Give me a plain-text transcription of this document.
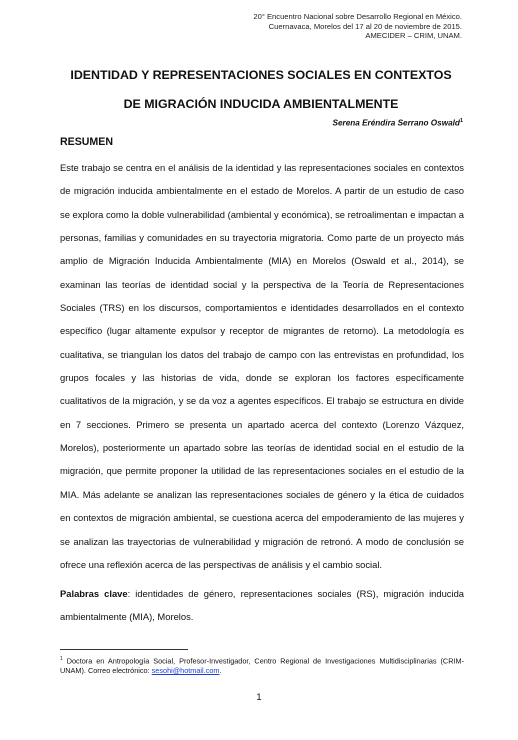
20° Encuentro Nacional sobre Desarrollo Regional en México.
Cuernavaca, Morelos del 17 al 20 de noviembre de 2015.
AMECIDER – CRIM, UNAM.
IDENTIDAD Y REPRESENTACIONES SOCIALES EN CONTEXTOS
DE MIGRACIÓN INDUCIDA AMBIENTALMENTE
Serena Eréndira Serrano Oswald$^1$
RESUMEN

Este trabajo se centra en el análisis de la identidad y las representaciones sociales en contextos de migración inducida ambientalmente en el estado de Morelos. A partir de un estudio de caso se explora como la doble vulnerabilidad (ambiental y económica), se retroalimentan e impactan a personas, familias y comunidades en su trayectoria migratoria. Como parte de un proyecto más amplio de Migración Inducida Ambientalmente (MIA) en Morelos (Oswald et al., 2014), se examinan las teorías de identidad social y la perspectiva de la Teoría de Representaciones Sociales (TRS) en los discursos, comportamientos e identidades desarrollados en el contexto específico (lugar altamente expulsor y receptor de migrantes de retorno). La metodología es cualitativa, se triangulan los datos del trabajo de campo con las entrevistas en profundidad, los grupos focales y las historias de vida, donde se exploran los factores específicamente cualitativos de la migración, y se da voz a agentes específicos. El trabajo se estructura en divide en 7 secciones. Primero se presenta un apartado acerca del contexto (Lorenzo Vázquez, Morelos), posteriormente un apartado sobre las teorías de identidad social en el estudio de la migración, que permite proponer la utilidad de las representaciones sociales en el estudio de la MIA. Más adelante se analizan las representaciones sociales de género y la ética de cuidados en contextos de migración ambiental, se cuestiona acerca del empoderamiento de las mujeres y se analizan las trayectorias de vulnerabilidad y migración de retronó. A modo de conclusión se ofrece una reflexión acerca de las perspectivas de análisis y el cambio social.

Palabras clave: identidades de género, representaciones sociales (RS), migración inducida ambientalmente (MIA), Morelos.

$^1$ Doctora en Antropología Social, Profesor-Investigador, Centro Regional de Investigaciones Multidisciplinarias (CRIM-UNAM). Correo electrónico: sesohi@hotmail.com.

1
